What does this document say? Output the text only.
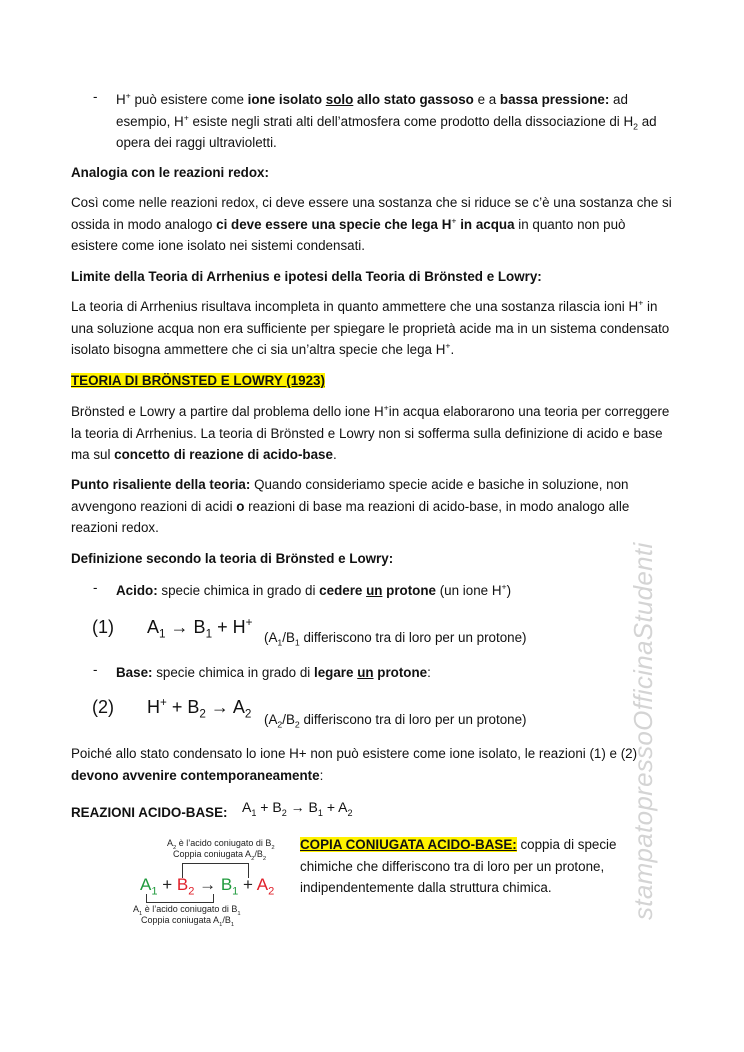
- H+ può esistere come ione isolato solo allo stato gassoso e a bassa pressione: ad esempio, H+ esiste negli strati alti dell’atmosfera come prodotto della dissociazione di $H_2$ ad opera dei raggi ultravioletti.

Analogia con le reazioni redox:

Così come nelle reazioni redox, ci deve essere una sostanza che si riduce se c’è una sostanza che si ossida in modo analogo ci deve essere una specie che lega H+ in acqua in quanto non può esistere come ione isolato nei sistemi condensati.

Limite della Teoria di Arrhenius e ipotesi della Teoria di Brönsted e Lowry:

La teoria di Arrhenius risultava incompleta in quanto ammettere che una sostanza rilascia ioni H+ in una soluzione acqua non era sufficiente per spiegare le proprietà acide ma in un sistema condensato isolato bisogna ammettere che ci sia un’altra specie che lega H+.

TEORIA DI BRÖNSTED E LOWRY (1923)

Brönsted e Lowry a partire dal problema dello ione H+in acqua elaborarono una teoria per correggere la teoria di Arrhenius. La teoria di Brönsted e Lowry non si sofferma sulla definizione di acido e base ma sul concetto di reazione di acido-base.

Punto risaliente della teoria: Quando consideriamo specie acide e basiche in soluzione, non avvengono reazioni di acidi o reazioni di base ma reazioni di acido-base, in modo analogo alle reazioni redox.

Definizione secondo la teoria di Brönsted e Lowry:

- Acido: specie chimica in grado di cedere un protone (un ione H+)
(1) $A_1 \to B_1 + H^+$
($A_1/B_1$ differiscono tra di loro per un protone)
- Base: specie chimica in grado di legare un protone:
(2) $H^+ + B_2 \to A_2$ ($A_2/B_2$ differiscono tra di loro per un protone)

Poiché allo stato condensato lo ione H+ non può esistere come ione isolato, le reazioni (1) e (2) devono avvenire contemporaneamente:

REAZIONI ACIDO-BASE: $A_1 + B_2 \to B_1 + A_2$
$A_2$ è l’acido coniugato di $B_2$
Coppia coniugata $A_2/B_2$
$A_1 + B_2 \to B_1 + A_2$
$A_1$ è l’acido coniugato di $B_1$
Coppia coniugata $A_1/B_1$

COPIA CONIUGATA ACIDO-BASE: coppia di specie chimiche che differiscono tra di loro per un protone, indipendentemente dalla struttura chimica.	stampatopressoOfficinaStudenti
